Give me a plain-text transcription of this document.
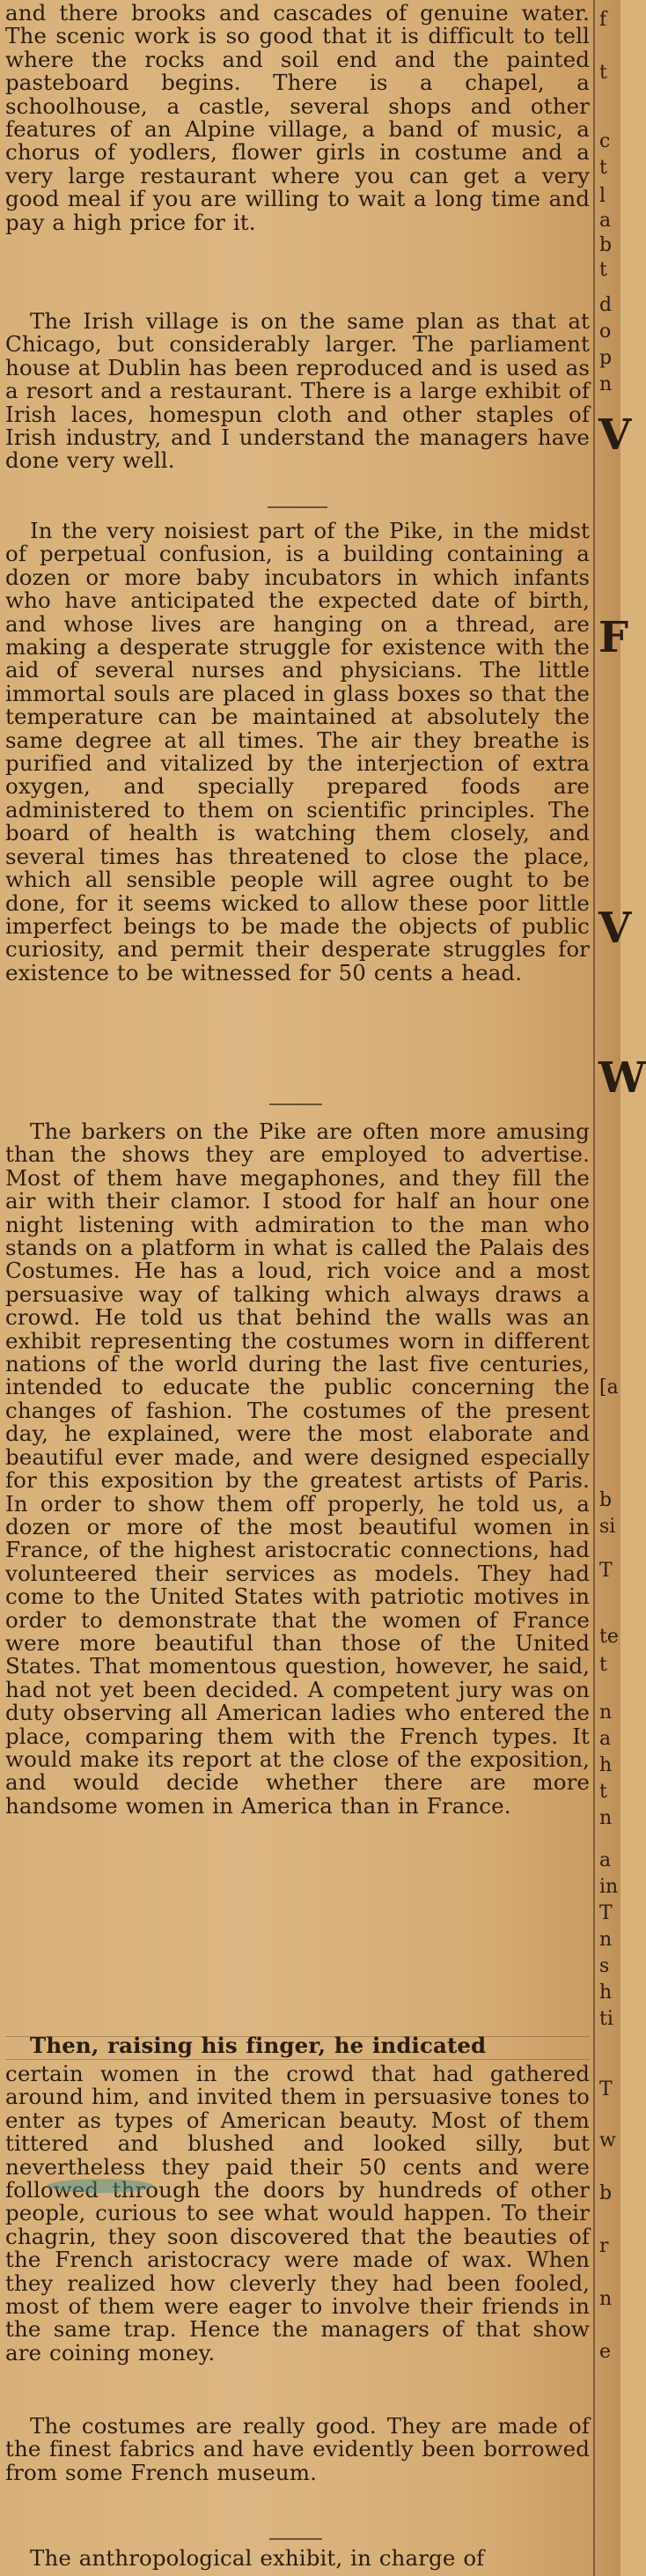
and there brooks and cascades of genuine water. The scenic work is so good that it is difficult to tell where the rocks and soil end and the painted pasteboard begins. There is a chapel, a schoolhouse, a castle, several shops and other features of an Alpine village, a band of music, a chorus of yodlers, flower girls in costume and a very large restaurant where you can get a very good meal if you are willing to wait a long time and pay a high price for it.

The Irish village is on the same plan as that at Chicago, but considerably larger. The parliament house at Dublin has been reproduced and is used as a resort and a restaurant. There is a large exhibit of Irish laces, homespun cloth and other staples of Irish industry, and I understand the managers have done very well.

In the very noisiest part of the Pike, in the midst of perpetual confusion, is a building containing a dozen or more baby incubators in which infants who have anticipated the expected date of birth, and whose lives are hanging on a thread, are making a desperate struggle for existence with the aid of several nurses and physicians. The little immortal souls are placed in glass boxes so that the temperature can be maintained at absolutely the same degree at all times. The air they breathe is purified and vitalized by the interjection of extra oxygen, and specially prepared foods are administered to them on scientific principles. The board of health is watching them closely, and several times has threatened to close the place, which all sensible people will agree ought to be done, for it seems wicked to allow these poor little imperfect beings to be made the objects of public curiosity, and permit their desperate struggles for existence to be witnessed for 50 cents a head.

The barkers on the Pike are often more amusing than the shows they are employed to advertise. Most of them have megaphones, and they fill the air with their clamor. I stood for half an hour one night listening with admiration to the man who stands on a platform in what is called the Palais des Costumes. He has a loud, rich voice and a most persuasive way of talking which always draws a crowd. He told us that behind the walls was an exhibit representing the costumes worn in different nations of the world during the last five centuries, intended to educate the public concerning the changes of fashion. The costumes of the present day, he explained, were the most elaborate and beautiful ever made, and were designed especially for this exposition by the greatest artists of Paris. In order to show them off properly, he told us, a dozen or more of the most beautiful women in France, of the highest aristocratic connections, had volunteered their services as models. They had come to the United States with patriotic motives in order to demonstrate that the women of France were more beautiful than those of the United States. That momentous question, however, he said, had not yet been decided. A competent jury was on duty observing all American ladies who entered the place, comparing them with the French types. It would make its report at the close of the exposition, and would decide whether there are more handsome women in America than in France.

Then, raising his finger, he indicated

certain women in the crowd that had gathered around him, and invited them in persuasive tones to enter as types of American beauty. Most of them tittered and blushed and looked silly, but nevertheless they paid their 50 cents and were followed through the doors by hundreds of other people, curious to see what would happen. To their chagrin, they soon discovered that the beauties of the French aristocracy were made of wax. When they realized how cleverly they had been fooled, most of them were eager to involve their friends in the same trap. Hence the managers of that show are coining money.

The costumes are really good. They are made of the finest fabrics and have evidently been borrowed from some French museum.

The anthropological exhibit, in charge of

f
t
c
t
l
a
b
t
d
o
p
n
V
F
V
W
[a
b
si
T
te
t
n
a
h
t
n
a
in
T
n
s
h
ti
T
w
b
r
n
e
